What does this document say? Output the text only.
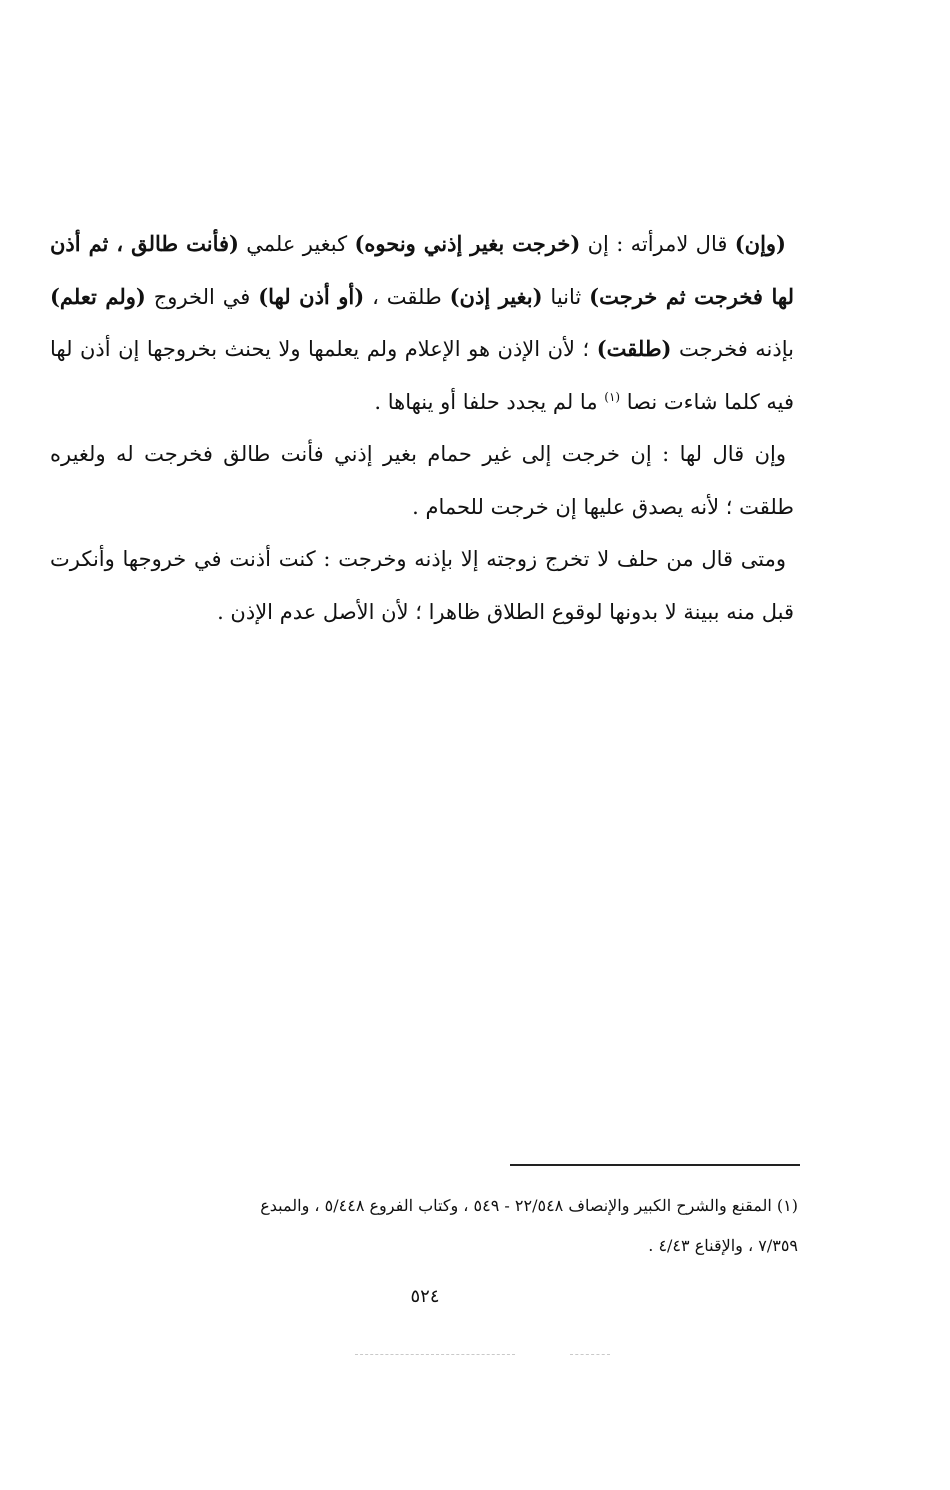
(وإن) قال لامرأته : إن (خرجت بغير إذني ونحوه) كبغير علمي (فأنت طالق ، ثم أذن لها فخرجت ثم خرجت) ثانيا (بغير إذن) طلقت ، (أو أذن لها) في الخروج (ولم تعلم) بإذنه فخرجت (طلقت) ؛ لأن الإذن هو الإعلام ولم يعلمها ولا يحنث بخروجها إن أذن لها فيه كلما شاءت نصا $^{(١)}$ ما لم يجدد حلفا أو ينهاها .

وإن قال لها : إن خرجت إلى غير حمام بغير إذني فأنت طالق فخرجت له ولغيره طلقت ؛ لأنه يصدق عليها إن خرجت للحمام .

ومتى قال من حلف لا تخرج زوجته إلا بإذنه وخرجت : كنت أذنت في خروجها وأنكرت قبل منه ببينة لا بدونها لوقوع الطلاق ظاهرا ؛ لأن الأصل عدم الإذن .

(١) المقنع والشرح الكبير والإنصاف ٢٢/٥٤٨ - ٥٤٩ ، وكتاب الفروع ٥/٤٤٨ ، والمبدع

٧/٣٥٩ ، والإقناع ٤/٤٣ .

٥٢٤
